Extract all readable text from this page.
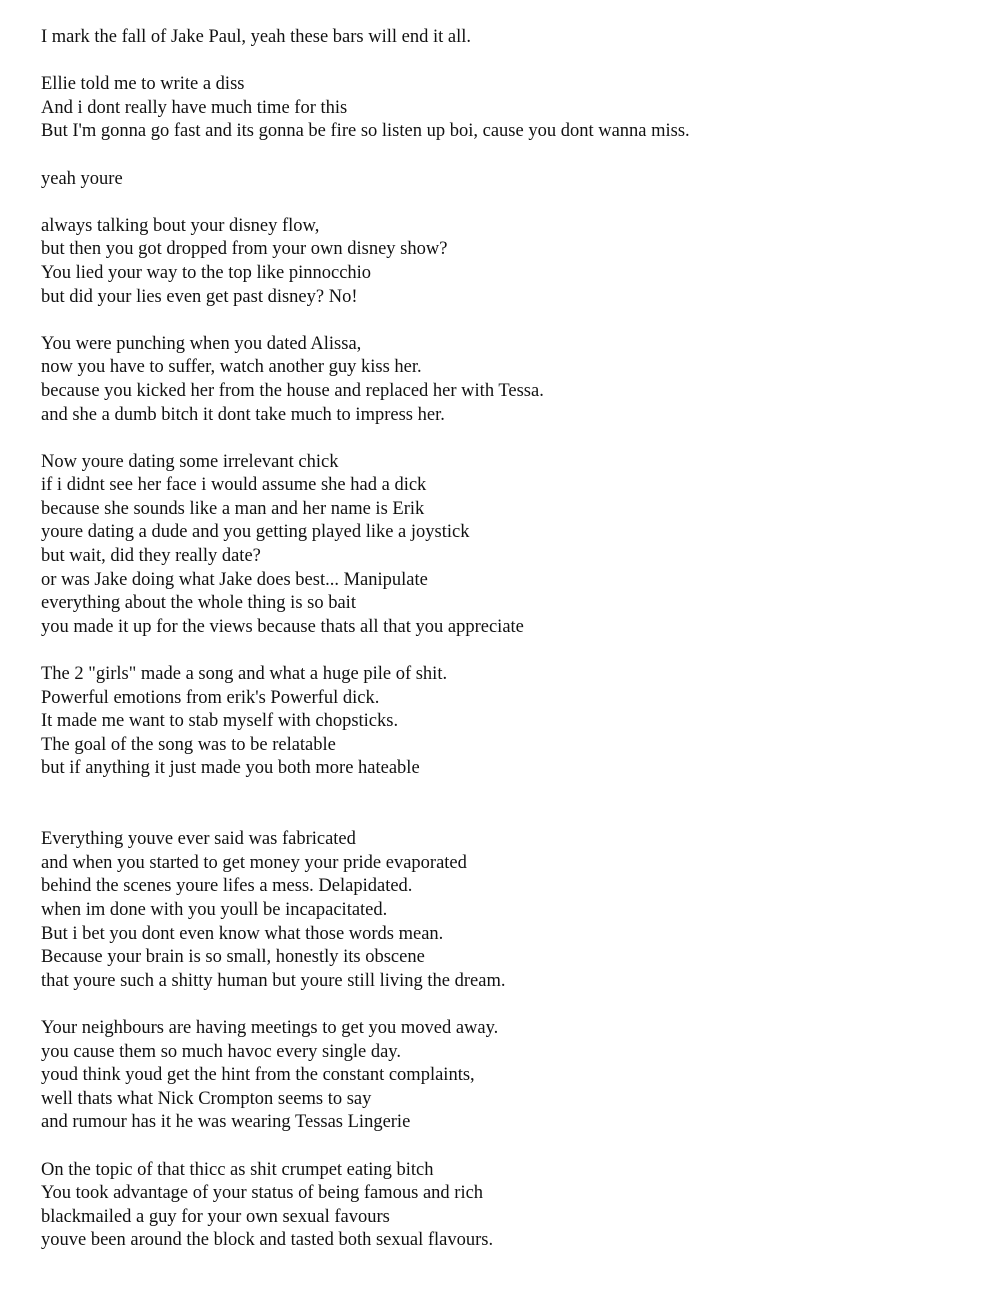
I mark the fall of Jake Paul, yeah these bars will end it all.
Ellie told me to write a diss
And i dont really have much time for this
But I'm gonna go fast and its gonna be fire so listen up boi, cause you dont wanna miss.
yeah youre
always talking bout your disney flow,
but then you got dropped from your own disney show?
You lied your way to the top like pinnocchio
but did your lies even get past disney? No!
You were punching when you dated Alissa,
now you have to suffer, watch another guy kiss her.
because you kicked her from the house and replaced her with Tessa.
and she a dumb bitch it dont take much to impress her.
Now youre dating some irrelevant chick
if i didnt see her face i would assume she had a dick
because she sounds like a man and her name is Erik
youre dating a dude and you getting played like a joystick
but wait, did they really date?
or was Jake doing what Jake does best... Manipulate
everything about the whole thing is so bait
you made it up for the views because thats all that you appreciate
The 2 "girls" made a song and what a huge pile of shit.
Powerful emotions from erik's Powerful dick.
It made me want to stab myself with chopsticks.
The goal of the song was to be relatable
but if anything it just made you both more hateable
Everything youve ever said was fabricated
and when you started to get money your pride evaporated
behind the scenes youre lifes a mess. Delapidated.
when im done with you youll be incapacitated.
But i bet you dont even know what those words mean.
Because your brain is so small, honestly its obscene
that youre such a shitty human but youre still living the dream.
Your neighbours are having meetings to get you moved away.
you cause them so much havoc every single day.
youd think youd get the hint from the constant complaints,
well thats what Nick Crompton seems to say
and rumour has it he was wearing Tessas Lingerie
On the topic of that thicc as shit crumpet eating bitch
You took advantage of your status of being famous and rich
blackmailed a guy for your own sexual favours
youve been around the block and tasted both sexual flavours.
